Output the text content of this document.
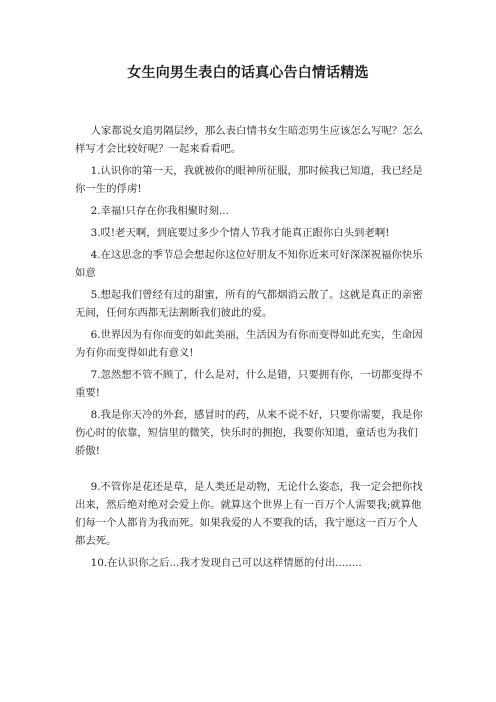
女生向男生表白的话真心告白情话精选

人家都说女追男隔层纱，那么表白情书女生暗恋男生应该怎么写呢？怎么样写才会比较好呢？一起来看看吧。

1.认识你的第一天，我就被你的眼神所征服，那时候我已知道，我已经是你一生的俘虏!

2.幸福!只存在你我相聚时刻...

3.哎!老天啊，到底要过多少个情人节我才能真正跟你白头到老啊!

4.在这思念的季节总会想起你这位好朋友不知你近来可好深深祝福你快乐如意

5.想起我们曾经有过的甜蜜，所有的气都烟消云散了。这就是真正的亲密无间，任何东西都无法割断我们彼此的爱。

6.世界因为有你而变的如此美丽，生活因为有你而变得如此充实，生命因为有你而变得如此有意义!

7.忽然想不管不顾了，什么是对，什么是错，只要拥有你，一切都变得不重要!

8.我是你天冷的外套，感冒时的药，从来不说不好，只要你需要，我是你伤心时的依靠，短信里的微笑，快乐时的拥抱，我要你知道，童话也为我们骄傲!

9.不管你是花还是草，是人类还是动物，无论什么姿态，我一定会把你找出来，然后绝对绝对会爱上你。就算这个世界上有一百万个人需要我;就算他们每一个人都肯为我而死。如果我爱的人不要我的话，我宁愿这一百万个人都去死。

10.在认识你之后...我才发现自己可以这样情愿的付出........
